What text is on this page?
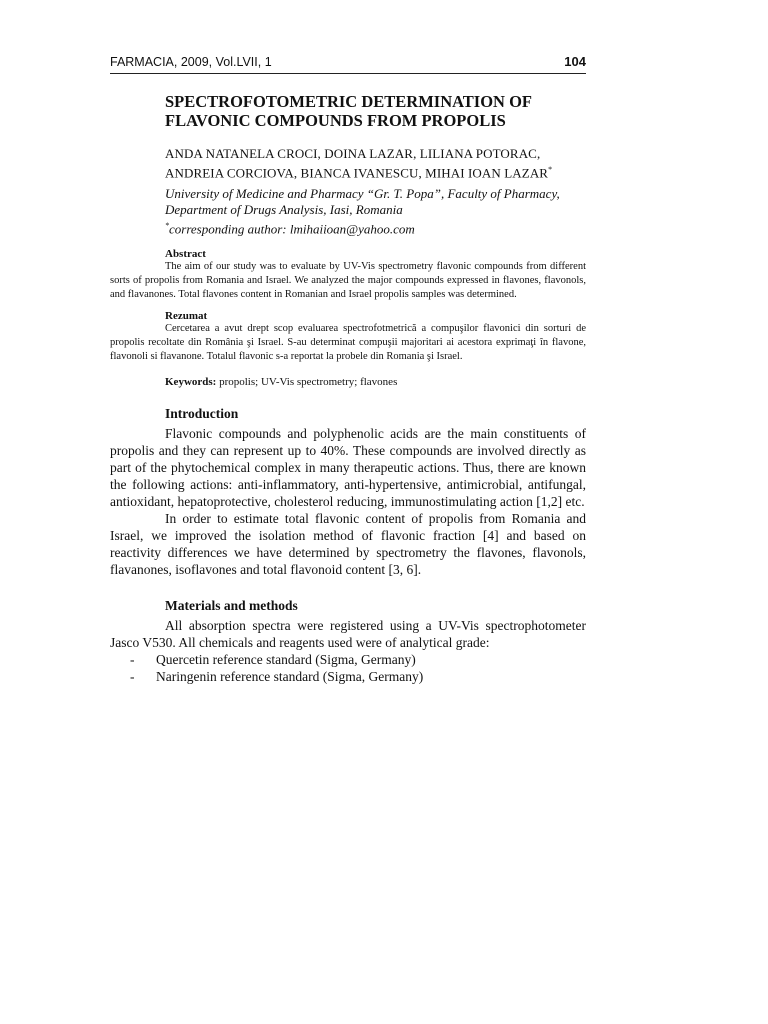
FARMACIA, 2009, Vol.LVII, 1	104
SPECTROFOTOMETRIC DETERMINATION OF FLAVONIC COMPOUNDS FROM PROPOLIS
ANDA NATANELA CROCI, DOINA LAZAR, LILIANA POTORAC,
ANDREIA CORCIOVA, BIANCA IVANESCU, MIHAI IOAN LAZAR*
University of Medicine and Pharmacy “Gr. T. Popa”, Faculty of Pharmacy, Department of Drugs Analysis, Iasi, Romania
*corresponding author: lmihaiioan@yahoo.com
Abstract

The aim of our study was to evaluate by UV-Vis spectrometry flavonic compounds from different sorts of propolis from Romania and Israel. We analyzed the major compounds expressed in flavones, flavonols, and flavanones. Total flavones content in Romanian and Israel propolis samples was determined.

Rezumat

Cercetarea a avut drept scop evaluarea spectrofotmetrică a compuşilor flavonici din sorturi de propolis recoltate din România şi Israel. S-au determinat compuşii majoritari ai acestora exprimaţi în flavone, flavonoli si flavanone. Totalul flavonic s-a reportat la probele din Romania şi Israel.

Keywords: propolis; UV-Vis spectrometry; flavones
Introduction

Flavonic compounds and polyphenolic acids are the main constituents of propolis and they can represent up to 40%. These compounds are involved directly as part of the phytochemical complex in many therapeutic actions. Thus, there are known the following actions: anti-inflammatory, anti-hypertensive, antimicrobial, antifungal, antioxidant, hepatoprotective, cholesterol reducing, immunostimulating action [1,2] etc.

In order to estimate total flavonic content of propolis from Romania and Israel, we improved the isolation method of flavonic fraction [4] and based on reactivity differences we have determined by spectrometry the flavones, flavonols, flavanones, isoflavones and total flavonoid content [3, 6].

Materials and methods

All absorption spectra were registered using a UV-Vis spectrophotometer Jasco V530. All chemicals and reagents used were of analytical grade:

- Quercetin reference standard (Sigma, Germany)
- Naringenin reference standard (Sigma, Germany)
